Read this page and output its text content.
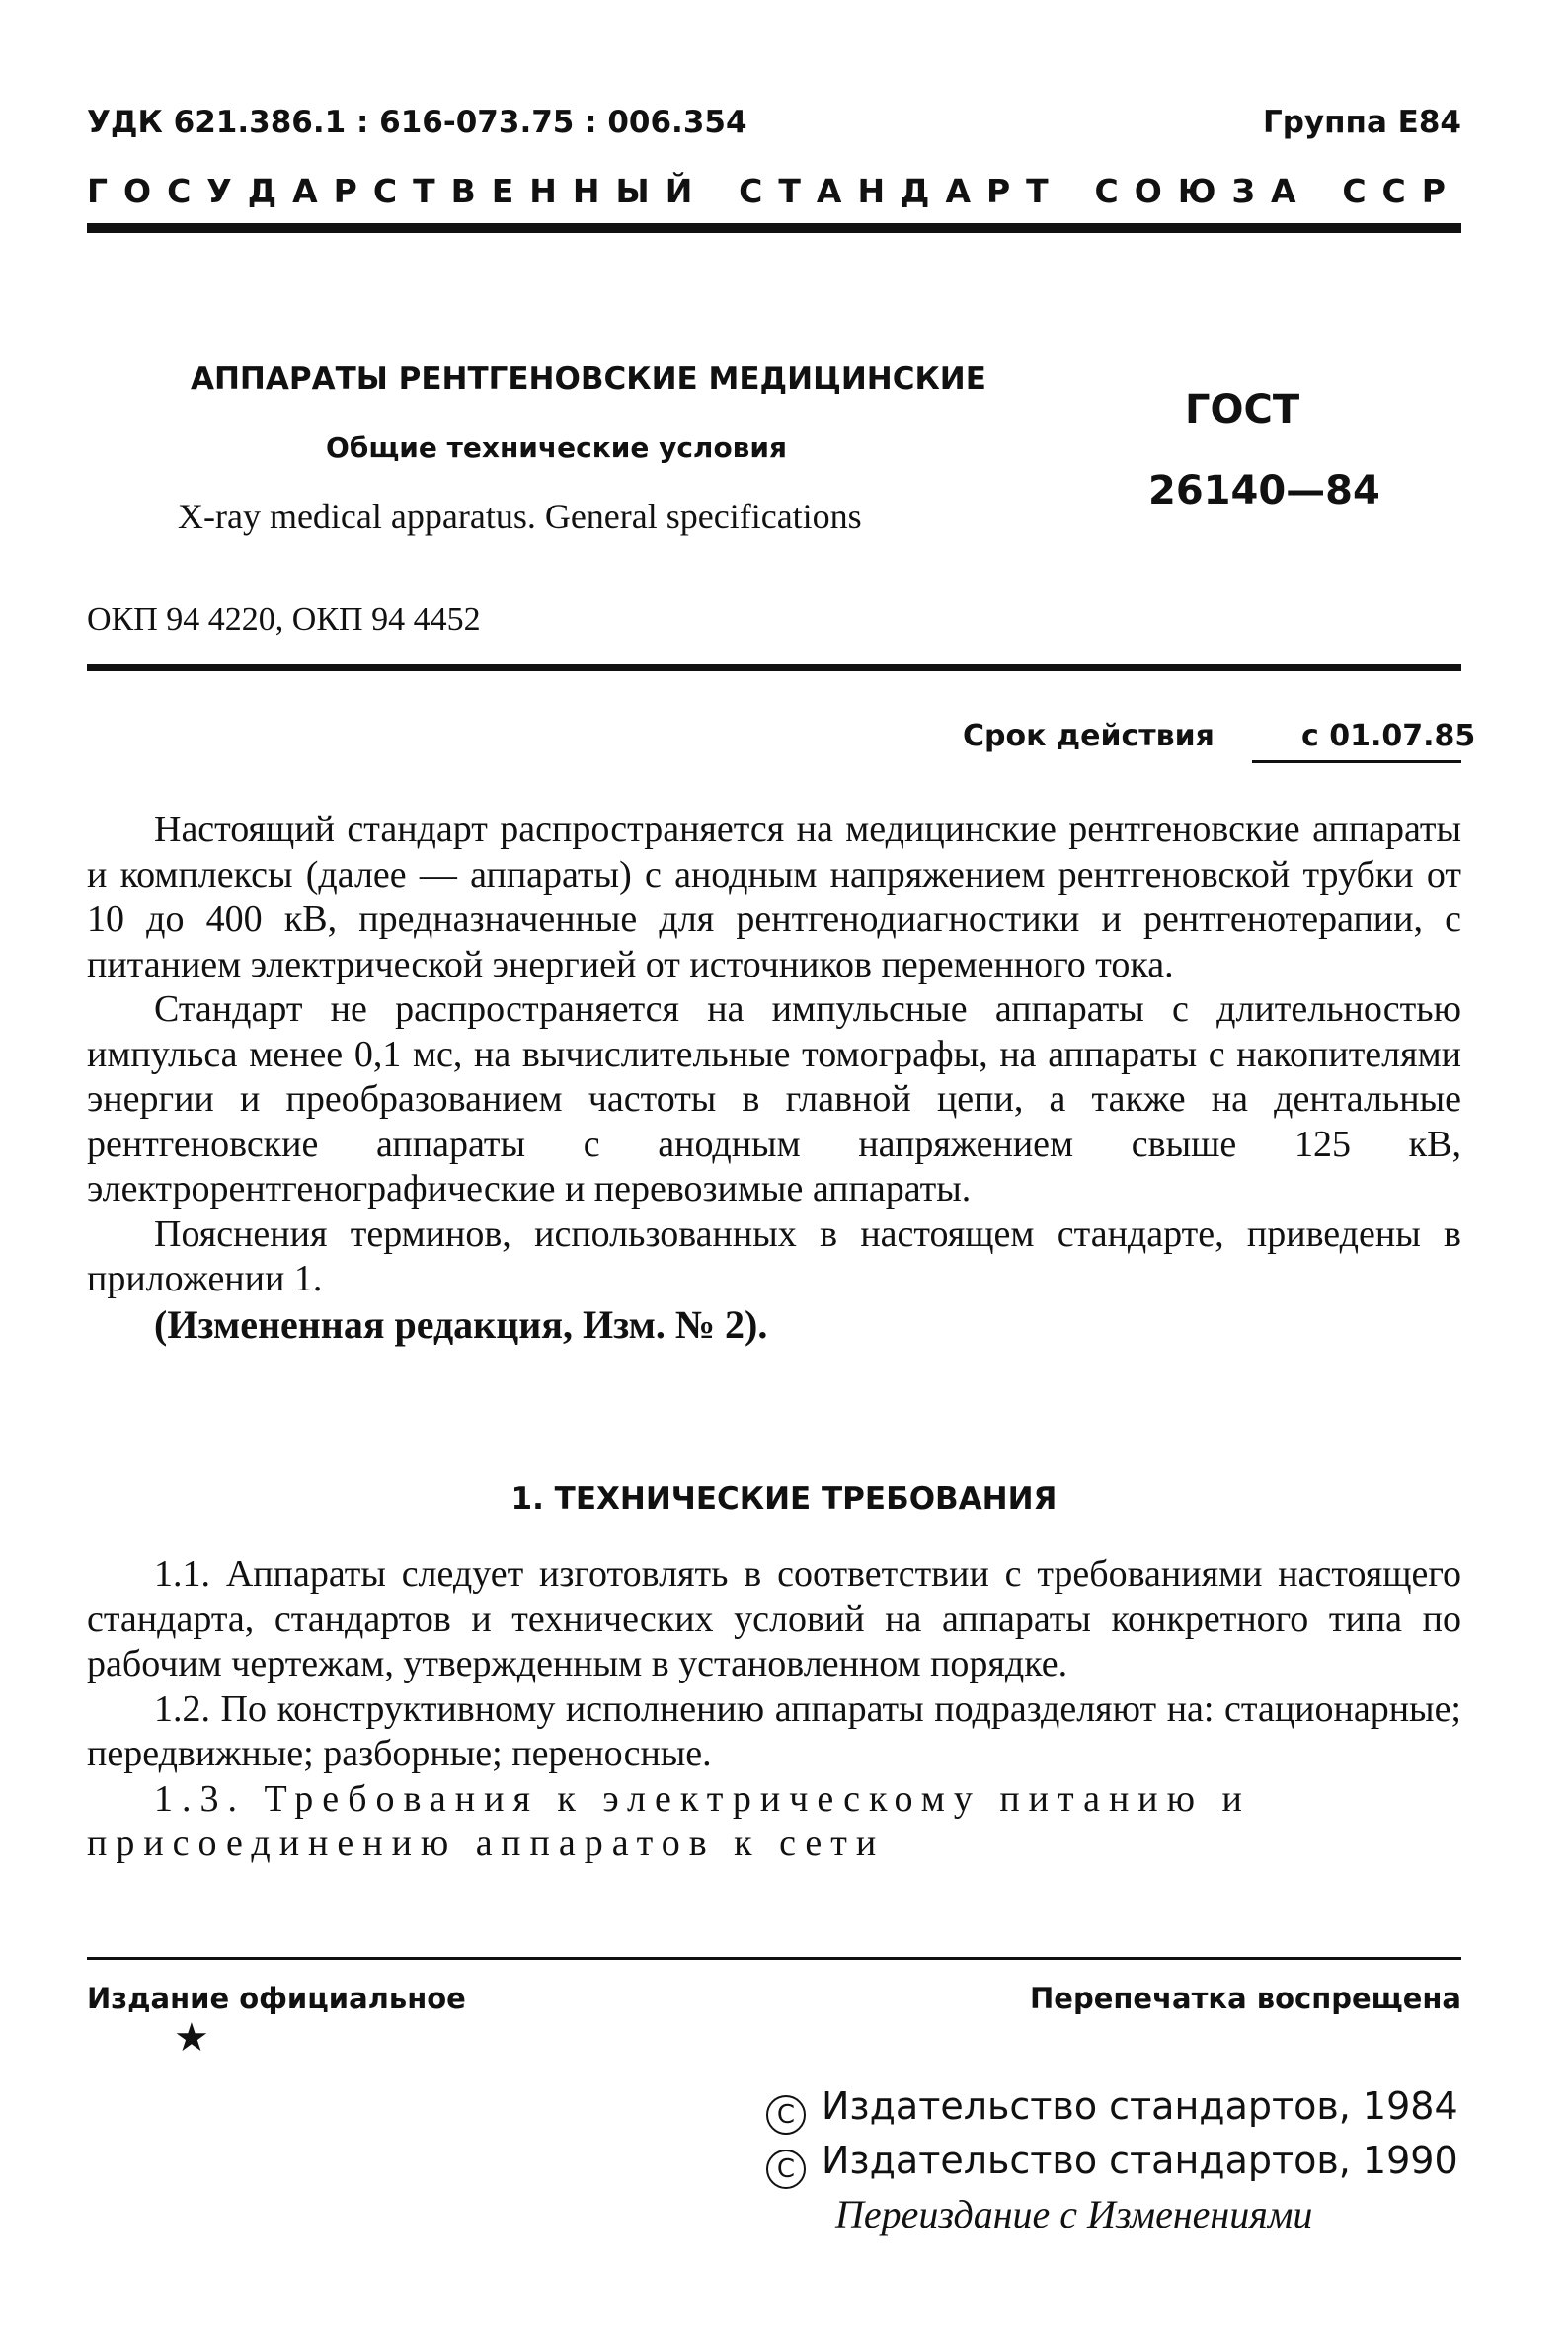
УДК 621.386.1 : 616-073.75 : 006.354	Группа Е84
ГОСУДАРСТВЕННЫЙ СТАНДАРТ СОЮЗА ССР
АППАРАТЫ РЕНТГЕНОВСКИЕ МЕДИЦИНСКИЕ
Общие технические условия
X-ray medical apparatus. General specifications
ГОСТ
26140—84
ОКП 94 4220, ОКП 94 4452
Срок действия	с 01.07.85

Настоящий стандарт распространяется на медицинские рентгеновские аппараты и комплексы (далее — аппараты) с анодным напряжением рентгеновской трубки от 10 до 400 кВ, предназначенные для рентгенодиагностики и рентгенотерапии, с питанием электрической энергией от источников переменного тока.

Стандарт не распространяется на импульсные аппараты с длительностью импульса менее 0,1 мс, на вычислительные томографы, на аппараты с накопителями энергии и преобразованием частоты в главной цепи, а также на дентальные рентгеновские аппараты с анодным напряжением свыше 125 кВ, электрорентгенографические и перевозимые аппараты.

Пояснения терминов, использованных в настоящем стандарте, приведены в приложении 1.

(Измененная редакция, Изм. № 2).

1. ТЕХНИЧЕСКИЕ ТРЕБОВАНИЯ

1.1. Аппараты следует изготовлять в соответствии с требованиями настоящего стандарта, стандартов и технических условий на аппараты конкретного типа по рабочим чертежам, утвержденным в установленном порядке.

1.2. По конструктивному исполнению аппараты подразделяют на: стационарные; передвижные; разборные; переносные.

1.3. Требования к электрическому питанию и присоединению аппаратов к сети

Издание официальное	Перепечатка воспрещена
★
C Издательство стандартов, 1984
C Издательство стандартов, 1990
Переиздание с Изменениями
